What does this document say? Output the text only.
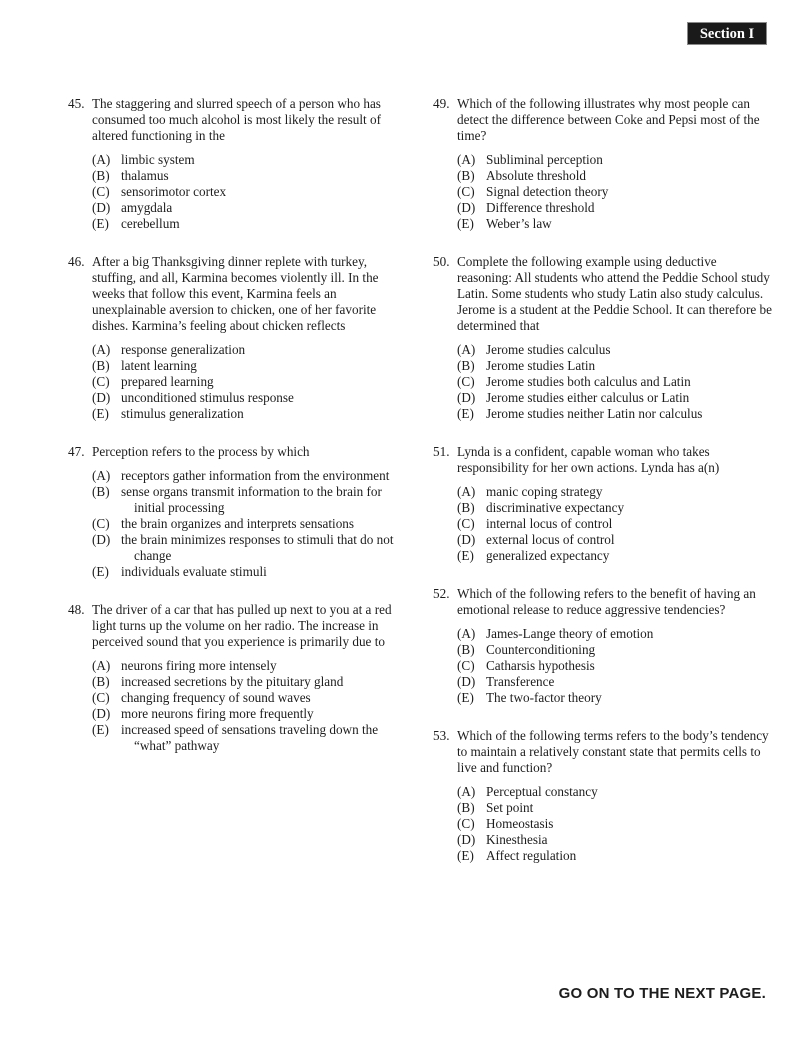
Section I
45. The staggering and slurred speech of a person who has consumed too much alcohol is most likely the result of altered functioning in the
(A) limbic system
(B) thalamus
(C) sensorimotor cortex
(D) amygdala
(E) cerebellum
46. After a big Thanksgiving dinner replete with turkey, stuffing, and all, Karmina becomes violently ill. In the weeks that follow this event, Karmina feels an unexplainable aversion to chicken, one of her favorite dishes. Karmina’s feeling about chicken reflects
(A) response generalization
(B) latent learning
(C) prepared learning
(D) unconditioned stimulus response
(E) stimulus generalization
47. Perception refers to the process by which
(A) receptors gather information from the environment
(B) sense organs transmit information to the brain for initial processing
(C) the brain organizes and interprets sensations
(D) the brain minimizes responses to stimuli that do not change
(E) individuals evaluate stimuli
48. The driver of a car that has pulled up next to you at a red light turns up the volume on her radio. The increase in perceived sound that you experience is primarily due to
(A) neurons firing more intensely
(B) increased secretions by the pituitary gland
(C) changing frequency of sound waves
(D) more neurons firing more frequently
(E) increased speed of sensations traveling down the “what” pathway
49. Which of the following illustrates why most people can detect the difference between Coke and Pepsi most of the time?
(A) Subliminal perception
(B) Absolute threshold
(C) Signal detection theory
(D) Difference threshold
(E) Weber’s law
50. Complete the following example using deductive reasoning: All students who attend the Peddie School study Latin. Some students who study Latin also study calculus. Jerome is a student at the Peddie School. It can therefore be determined that
(A) Jerome studies calculus
(B) Jerome studies Latin
(C) Jerome studies both calculus and Latin
(D) Jerome studies either calculus or Latin
(E) Jerome studies neither Latin nor calculus
51. Lynda is a confident, capable woman who takes responsibility for her own actions. Lynda has a(n)
(A) manic coping strategy
(B) discriminative expectancy
(C) internal locus of control
(D) external locus of control
(E) generalized expectancy
52. Which of the following refers to the benefit of having an emotional release to reduce aggressive tendencies?
(A) James-Lange theory of emotion
(B) Counterconditioning
(C) Catharsis hypothesis
(D) Transference
(E) The two-factor theory
53. Which of the following terms refers to the body’s tendency to maintain a relatively constant state that permits cells to live and function?
(A) Perceptual constancy
(B) Set point
(C) Homeostasis
(D) Kinesthesia
(E) Affect regulation
GO ON TO THE NEXT PAGE.
